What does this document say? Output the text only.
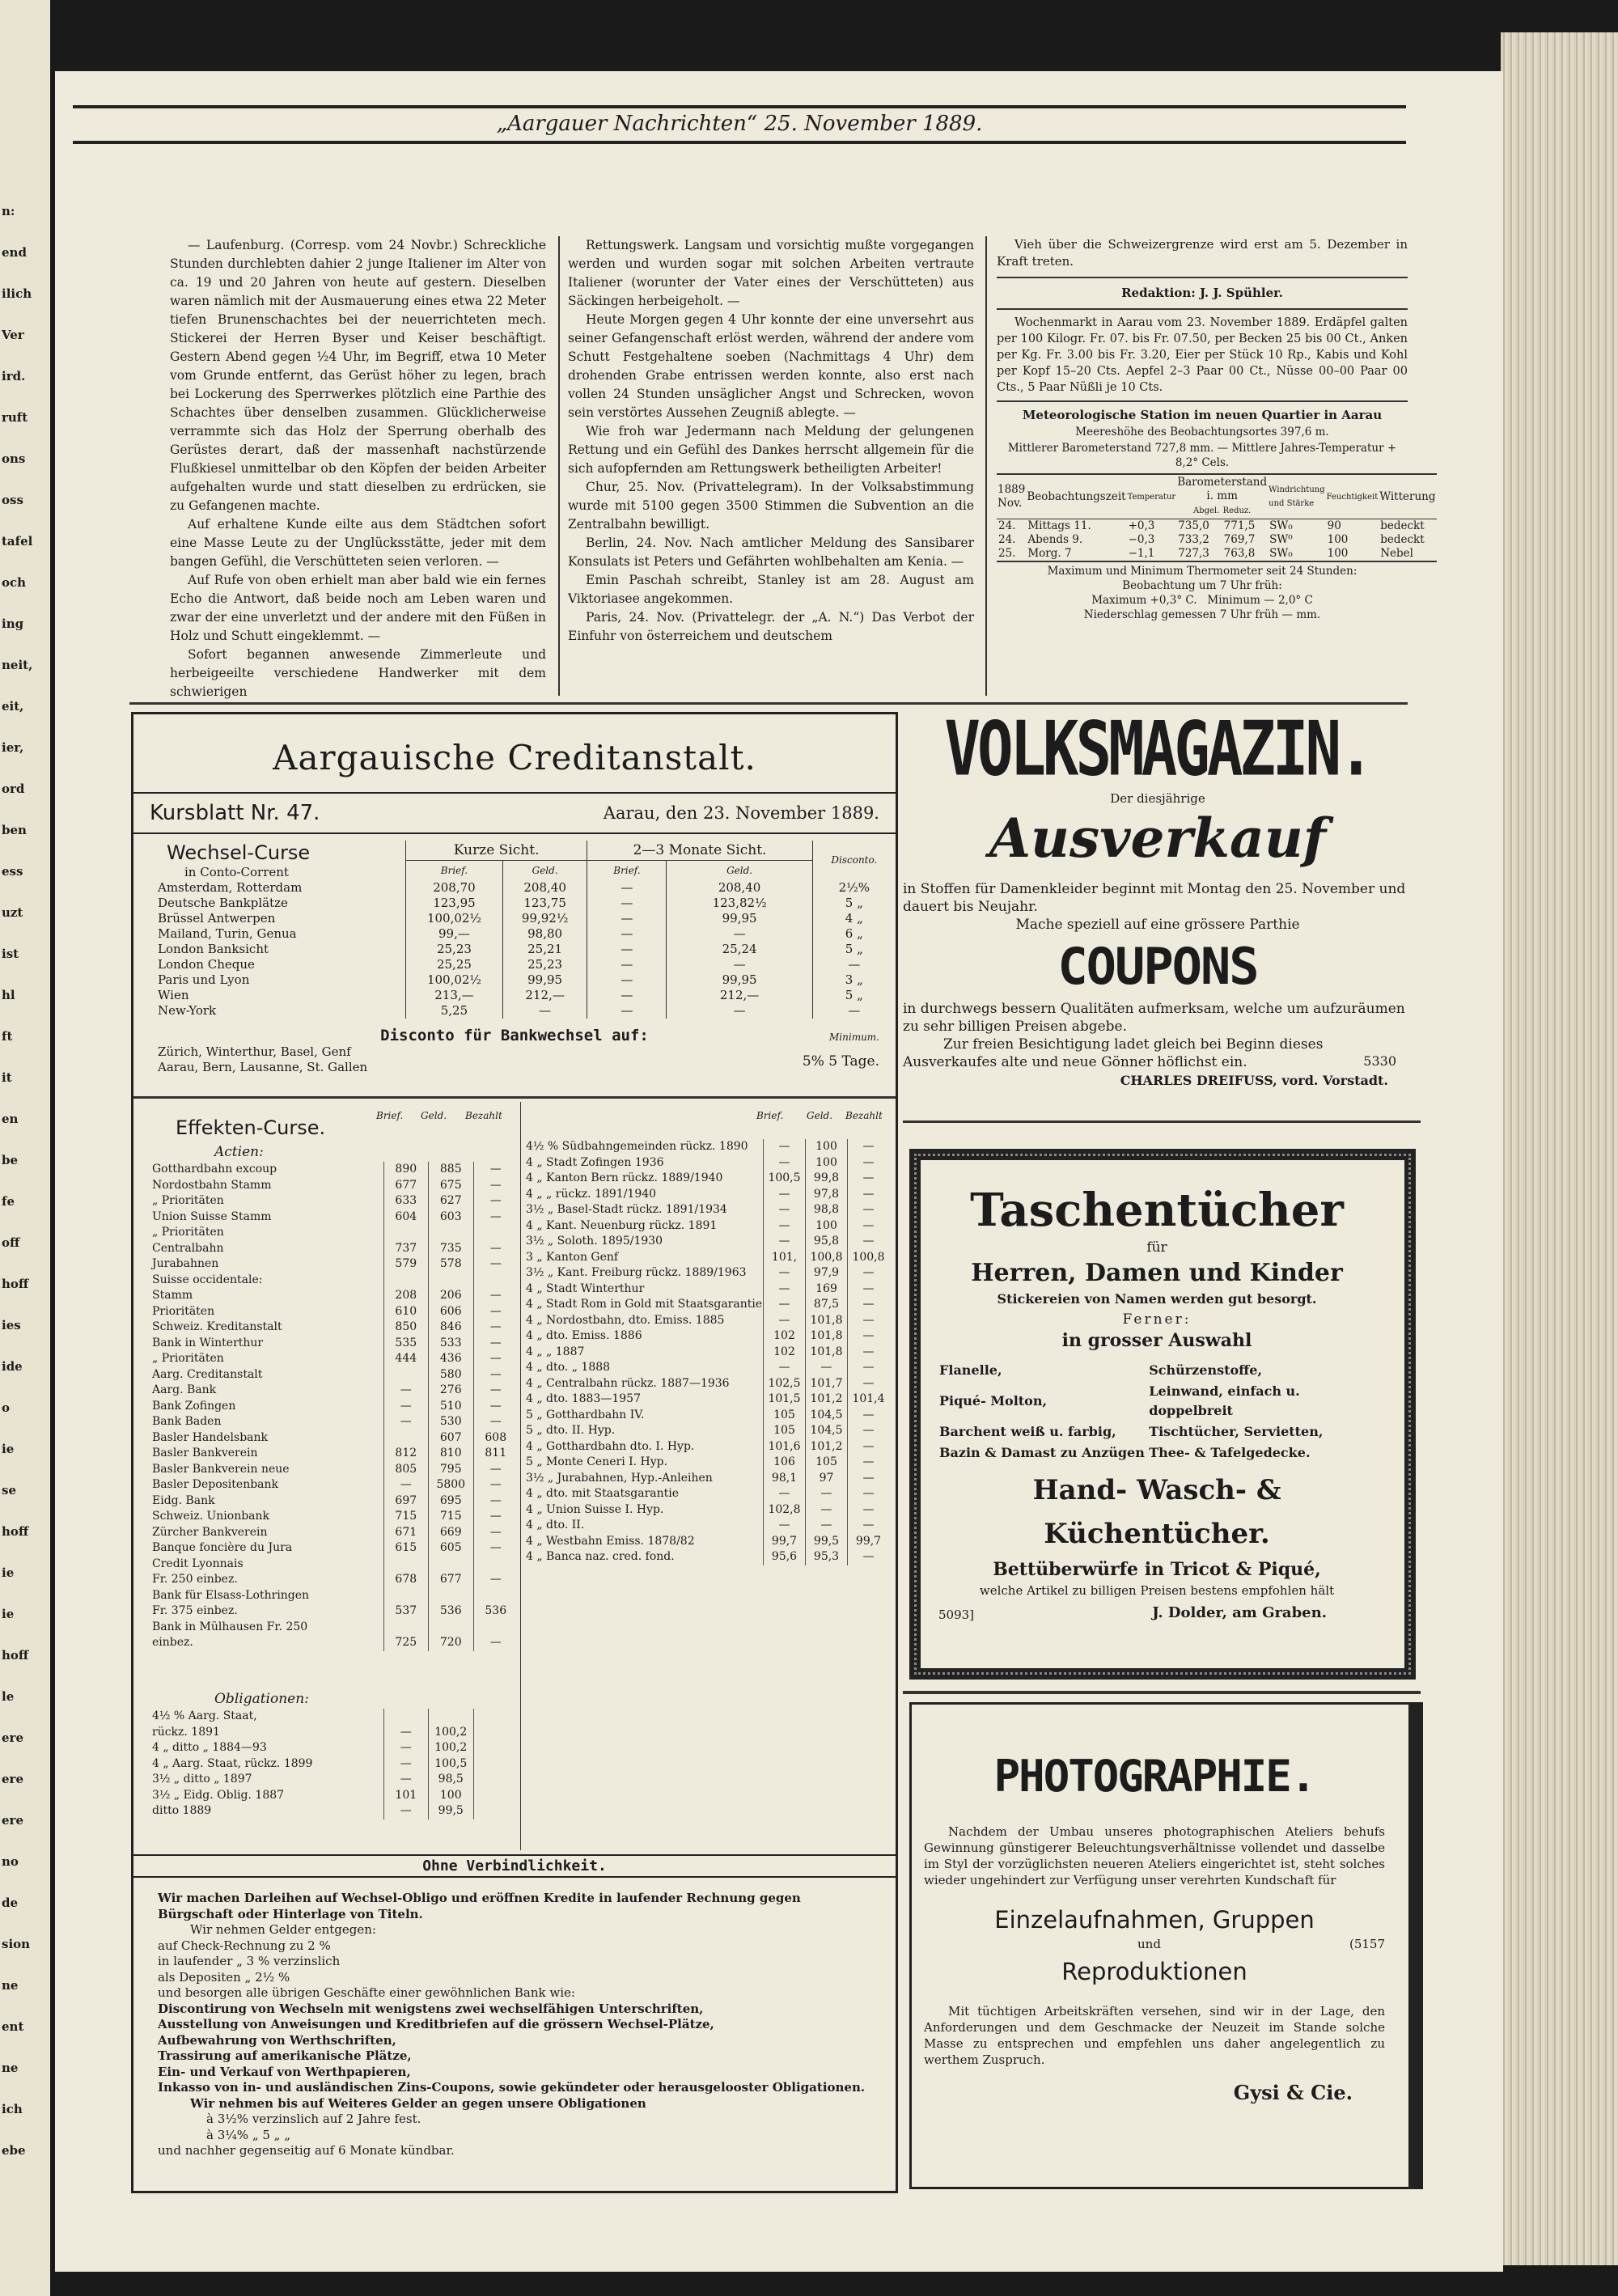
n:
end
ilich
Ver
ird.
ruft
ons
oss
tafel
och
ing
neit,
eit,
ier,
ord
ben
ess
uzt
ist
hl
ft
it
en
be
fe
off
hoff
ies
ide
o
ie
se
hoff
ie
ie
hoff
le
ere
ere
ere
no
de
sion
ne
ent
ne
ich
ebe
„Aargauer Nachrichten“ 25. November 1889.

— Laufenburg. (Corresp. vom 24 Novbr.) Schreckliche Stunden durchlebten dahier 2 junge Italiener im Alter von ca. 19 und 20 Jahren von heute auf gestern. Dieselben waren nämlich mit der Ausmauerung eines etwa 22 Meter tiefen Brunenschachtes bei der neuerrichteten mech. Stickerei der Herren Byser und Keiser beschäftigt. Gestern Abend gegen ½4 Uhr, im Begriff, etwa 10 Meter vom Grunde entfernt, das Gerüst höher zu legen, brach bei Lockerung des Sperrwerkes plötzlich eine Parthie des Schachtes über denselben zusammen. Glücklicherweise verrammte sich das Holz der Sperrung oberhalb des Gerüstes derart, daß der massenhaft nachstürzende Flußkiesel unmittelbar ob den Köpfen der beiden Arbeiter aufgehalten wurde und statt dieselben zu erdrücken, sie zu Gefangenen machte.

Auf erhaltene Kunde eilte aus dem Städtchen sofort eine Masse Leute zu der Unglücksstätte, jeder mit dem bangen Gefühl, die Verschütteten seien verloren. —

Auf Rufe von oben erhielt man aber bald wie ein fernes Echo die Antwort, daß beide noch am Leben waren und zwar der eine unverletzt und der andere mit den Füßen in Holz und Schutt eingeklemmt. —

Sofort begannen anwesende Zimmerleute und herbeigeeilte verschiedene Handwerker mit dem schwierigen

Rettungswerk. Langsam und vorsichtig mußte vorgegangen werden und wurden sogar mit solchen Arbeiten vertraute Italiener (worunter der Vater eines der Verschütteten) aus Säckingen herbeigeholt. —

Heute Morgen gegen 4 Uhr konnte der eine unversehrt aus seiner Gefangenschaft erlöst werden, während der andere vom Schutt Festgehaltene soeben (Nachmittags 4 Uhr) dem drohenden Grabe entrissen werden konnte, also erst nach vollen 24 Stunden unsäglicher Angst und Schrecken, wovon sein verstörtes Aussehen Zeugniß ablegte. —

Wie froh war Jedermann nach Meldung der gelungenen Rettung und ein Gefühl des Dankes herrscht allgemein für die sich aufopfernden am Rettungswerk betheiligten Arbeiter!

Chur, 25. Nov. (Privattelegram). In der Volksabstimmung wurde mit 5100 gegen 3500 Stimmen die Subvention an die Zentralbahn bewilligt.

Berlin, 24. Nov. Nach amtlicher Meldung des Sansibarer Konsulats ist Peters und Gefährten wohlbehalten am Kenia. —

Emin Paschah schreibt, Stanley ist am 28. August am Viktoriasee angekommen.

Paris, 24. Nov. (Privattelegr. der „A. N.“) Das Verbot der Einfuhr von österreichem und deutschem

Vieh über die Schweizergrenze wird erst am 5. Dezember in Kraft treten.

Redaktion: J. J. Spühler.

Wochenmarkt in Aarau vom 23. November 1889. Erdäpfel galten per 100 Kilogr. Fr. 07. bis Fr. 07.50, per Becken 25 bis 00 Ct., Anken per Kg. Fr. 3.00 bis Fr. 3.20, Eier per Stück 10 Rp., Kabis und Kohl per Kopf 15–20 Cts. Aepfel 2–3 Paar 00 Ct., Nüsse 00–00 Paar 00 Cts., 5 Paar Nüßli je 10 Cts.

Meteorologische Station im neuen Quartier in Aarau
Meereshöhe des Beobachtungsortes 397,6 m.
Mittlerer Barometerstand 727,8 mm. — Mittlere Jahres-Temperatur + 8,2° Cels.
1889 Nov.	Beobachtungszeit	Temperatur	Barometerstand i. mm
Abgel. Reduz.		Windrichtung und Stärke	Feuchtigkeit	Witterung
24.	Mittags 11.	+0,3	735,0	771,5	SW₀	90	bedeckt
24.	Abends 9.	−0,3	733,2	769,7	SW⁰	100	bedeckt
25.	Morg. 7	−1,1	727,3	763,8	SW₀	100	Nebel
Maximum und Minimum Thermometer seit 24 Stunden:
Beobachtung um 7 Uhr früh:
Maximum +0,3° C. Minimum — 2,0° C
Niederschlag gemessen 7 Uhr früh — mm.
Aargauische Creditanstalt.
Kursblatt Nr. 47.	Aarau, den 23. November 1889.
Wechsel-Curse
in Conto-Corrent	Kurze Sicht.		2—3 Monate Sicht.		Disconto.
	Brief.	Geld.	Brief.	Geld.	
Amsterdam, Rotterdam	208,70	208,40	—	208,40	2½%
Deutsche Bankplätze	123,95	123,75	—	123,82½	5 „
Brüssel Antwerpen	100,02½	99,92½	—	99,95	4 „
Mailand, Turin, Genua	99,—	98,80	—	—	6 „
London Banksicht	25,23	25,21	—	25,24	5 „
London Cheque	25,25	25,23	—	—	—
Paris und Lyon	100,02½	99,95	—	99,95	3 „
Wien	213,—	212,—	—	212,—	5 „
New-York	5,25	—	—	—	—
Disconto für Bankwechsel auf:
Zürich, Winterthur, Basel, Genf
Aarau, Bern, Lausanne, St. Gallen
Minimum.
5% 5 Tage.
Effekten-Curse.
Brief. Geld. Bezahlt	Brief. Geld. Bezahlt
Actien:
Gotthardbahn excoup	890	885	—
Nordostbahn Stamm	677	675	—
„ Prioritäten	633	627	—
Union Suisse Stamm	604	603	—
„ Prioritäten			
Centralbahn	737	735	—
Jurabahnen	579	578	—
Suisse occidentale:			
Stamm	208	206	—
Prioritäten	610	606	—

Schweiz. Kreditanstalt	850	846	—
Bank in Winterthur	535	533	—
„ Prioritäten	444	436	—
Aarg. Creditanstalt		580	—
Aarg. Bank	—	276	—
Bank Zofingen	—	510	—
Bank Baden	—	530	—
Basler Handelsbank		607	608
Basler Bankverein	812	810	811
Basler Bankverein neue	805	795	—
Basler Depositenbank	—	5800	—
Eidg. Bank	697	695	—
Schweiz. Unionbank	715	715	—
Zürcher Bankverein	671	669	—
Banque foncière du Jura	615	605	—
Credit Lyonnais			
Fr. 250 einbez.	678	677	—
Bank für Elsass-Lothringen			
Fr. 375 einbez.	537	536	536
Bank in Mülhausen Fr. 250			
einbez.	725	720	—
Obligationen:
4½ % Aarg. Staat,			
rückz. 1891	—	100,2	
4 „ ditto „ 1884—93	—	100,2	
4 „ Aarg. Staat, rückz. 1899	—	100,5	
3½ „ ditto „ 1897	—	98,5	
3½ „ Eidg. Oblig. 1887	101	100	
ditto 1889	—	99,5	
4½ % Südbahngemeinden rückz. 1890	—	100	—
4 „ Stadt Zofingen 1936	—	100	—
4 „ Kanton Bern rückz. 1889/1940	100,5	99,8	—
4 „ „ rückz. 1891/1940	—	97,8	—
3½ „ Basel-Stadt rückz. 1891/1934	—	98,8	—
4 „ Kant. Neuenburg rückz. 1891	—	100	—
3½ „ Soloth. 1895/1930	—	95,8	—
3 „ Kanton Genf	101,	100,8	100,8
3½ „ Kant. Freiburg rückz. 1889/1963	—	97,9	—
4 „ Stadt Winterthur	—	169	—
4 „ Stadt Rom in Gold mit Staatsgarantie	—	87,5	—
4 „ Nordostbahn, dto. Emiss. 1885	—	101,8	—
4 „ dto. Emiss. 1886	102	101,8	—
4 „ „ 1887	102	101,8	—
4 „ dto. „ 1888	—	—	—
4 „ Centralbahn rückz. 1887—1936	102,5	101,7	—
4 „ dto. 1883—1957	101,5	101,2	101,4
5 „ Gotthardbahn IV.	105	104,5	—
5 „ dto. II. Hyp.	105	104,5	—
4 „ Gotthardbahn dto. I. Hyp.	101,6	101,2	—
5 „ Monte Ceneri I. Hyp.	106	105	—
3½ „ Jurabahnen, Hyp.-Anleihen	98,1	97	—
4 „ dto. mit Staatsgarantie	—	—	—
4 „ Union Suisse I. Hyp.	102,8	—	—
4 „ dto. II.	—	—	—
4 „ Westbahn Emiss. 1878/82	99,7	99,5	99,7
4 „ Banca naz. cred. fond.	95,6	95,3	—
Ohne Verbindlichkeit.
Wir machen Darleihen auf Wechsel-Obligo und eröffnen Kredite in laufender Rechnung gegen Bürgschaft oder Hinterlage von Titeln.
Wir nehmen Gelder entgegen:
auf Check-Rechnung zu 2 %
in laufender „ 3 % verzinslich
als Depositen „ 2½ %
und besorgen alle übrigen Geschäfte einer gewöhnlichen Bank wie:
Discontirung von Wechseln mit wenigstens zwei wechselfähigen Unterschriften,
Ausstellung von Anweisungen und Kreditbriefen auf die grössern Wechsel-Plätze,
Aufbewahrung von Werthschriften,
Trassirung auf amerikanische Plätze,
Ein- und Verkauf von Werthpapieren,
Inkasso von in- und ausländischen Zins-Coupons, sowie gekündeter oder herausgelooster Obligationen.
Wir nehmen bis auf Weiteres Gelder an gegen unsere Obligationen
à 3½% verzinslich auf 2 Jahre fest.
à 3¼% „ 5 „ „
und nachher gegenseitig auf 6 Monate kündbar.
VOLKSMAGAZIN.
Der diesjährige
Ausverkauf
in Stoffen für Damenkleider beginnt mit Montag den 25. November und dauert bis Neujahr.
Mache speziell auf eine grössere Parthie
COUPONS
in durchwegs bessern Qualitäten aufmerksam, welche um aufzuräumen zu sehr billigen Preisen abgebe.
Zur freien Besichtigung ladet gleich bei Beginn dieses Ausverkaufes alte und neue Gönner höflichst ein.	5330
CHARLES DREIFUSS, vord. Vorstadt.
Taschentücher
für
Herren, Damen und Kinder
Stickereien von Namen werden gut besorgt.
Ferner:
in grosser Auswahl
Flanelle,	Schürzenstoffe,
Piqué- Molton,	Leinwand, einfach u. doppelbreit
Barchent weiß u. farbig,	Tischtücher, Servietten,
Bazin & Damast zu Anzügen	Thee- & Tafelgedecke.
Hand- Wasch- & Küchentücher.
Bettüberwürfe in Tricot & Piqué,
welche Artikel zu billigen Preisen bestens empfohlen hält
5093]	J. Dolder, am Graben.
PHOTOGRAPHIE.
Nachdem der Umbau unseres photographischen Ateliers behufs Gewinnung günstigerer Beleuchtungsverhältnisse vollendet und dasselbe im Styl der vorzüglichsten neueren Ateliers eingerichtet ist, steht solches wieder ungehindert zur Verfügung unser verehrten Kundschaft für
Einzelaufnahmen, Gruppen
und	(5157
Reproduktionen
Mit tüchtigen Arbeitskräften versehen, sind wir in der Lage, den Anforderungen und dem Geschmacke der Neuzeit im Stande solche Masse zu entsprechen und empfehlen uns daher angelegentlich zu werthem Zuspruch.
Gysi & Cie.
